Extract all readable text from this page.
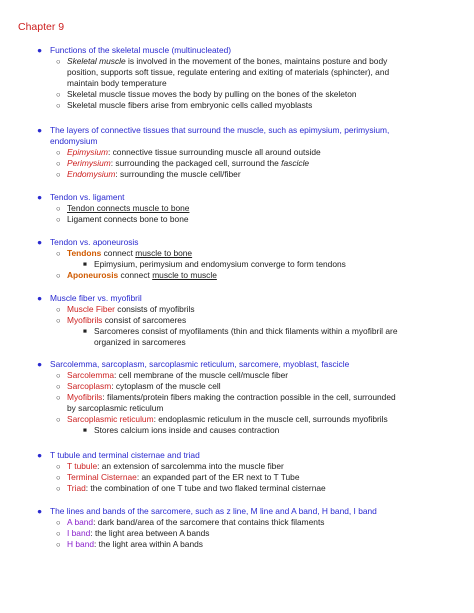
Chapter 9
● Functions of the skeletal muscle (multinucleated)
○ Skeletal muscle is involved in the movement of the bones, maintains posture and body
position, supports soft tissue, regulate entering and exiting of materials (sphincter), and
maintain body temperature
○ Skeletal muscle tissue moves the body by pulling on the bones of the skeleton
○ Skeletal muscle fibers arise from embryonic cells called myoblasts
● The layers of connective tissues that surround the muscle, such as epimysium, perimysium,
endomysium
○ Epimysium: connective tissue surrounding muscle all around outside
○ Perimysium: surrounding the packaged cell, surround the fascicle
○ Endomysium: surrounding the muscle cell/fiber
● Tendon vs. ligament
○ Tendon connects muscle to bone
○ Ligament connects bone to bone
● Tendon vs. aponeurosis
○ Tendons connect muscle to bone
■ Epimysium, perimysium and endomysium converge to form tendons
○ Aponeurosis connect muscle to muscle
● Muscle fiber vs. myofibril
○ Muscle Fiber consists of myofibrils
○ Myofibrils consist of sarcomeres
■ Sarcomeres consist of myofilaments (thin and thick filaments within a myofibril are
organized in sarcomeres
● Sarcolemma, sarcoplasm, sarcoplasmic reticulum, sarcomere, myoblast, fascicle
○ Sarcolemma: cell membrane of the muscle cell/muscle fiber
○ Sarcoplasm: cytoplasm of the muscle cell
○ Myofibrils: filaments/protein fibers making the contraction possible in the cell, surrounded
by sarcoplasmic reticulum
○ Sarcoplasmic reticulum: endoplasmic reticulum in the muscle cell, surrounds myofibrils
■ Stores calcium ions inside and causes contraction
● T tubule and terminal cisternae and triad
○ T tubule: an extension of sarcolemma into the muscle fiber
○ Terminal Cisternae: an expanded part of the ER next to T Tube
○ Triad: the combination of one T tube and two flaked terminal cisternae
● The lines and bands of the sarcomere, such as z line, M line and A band, H band, I band
○ A band: dark band/area of the sarcomere that contains thick filaments
○ I band: the light area between A bands
○ H band: the light area within A bands
